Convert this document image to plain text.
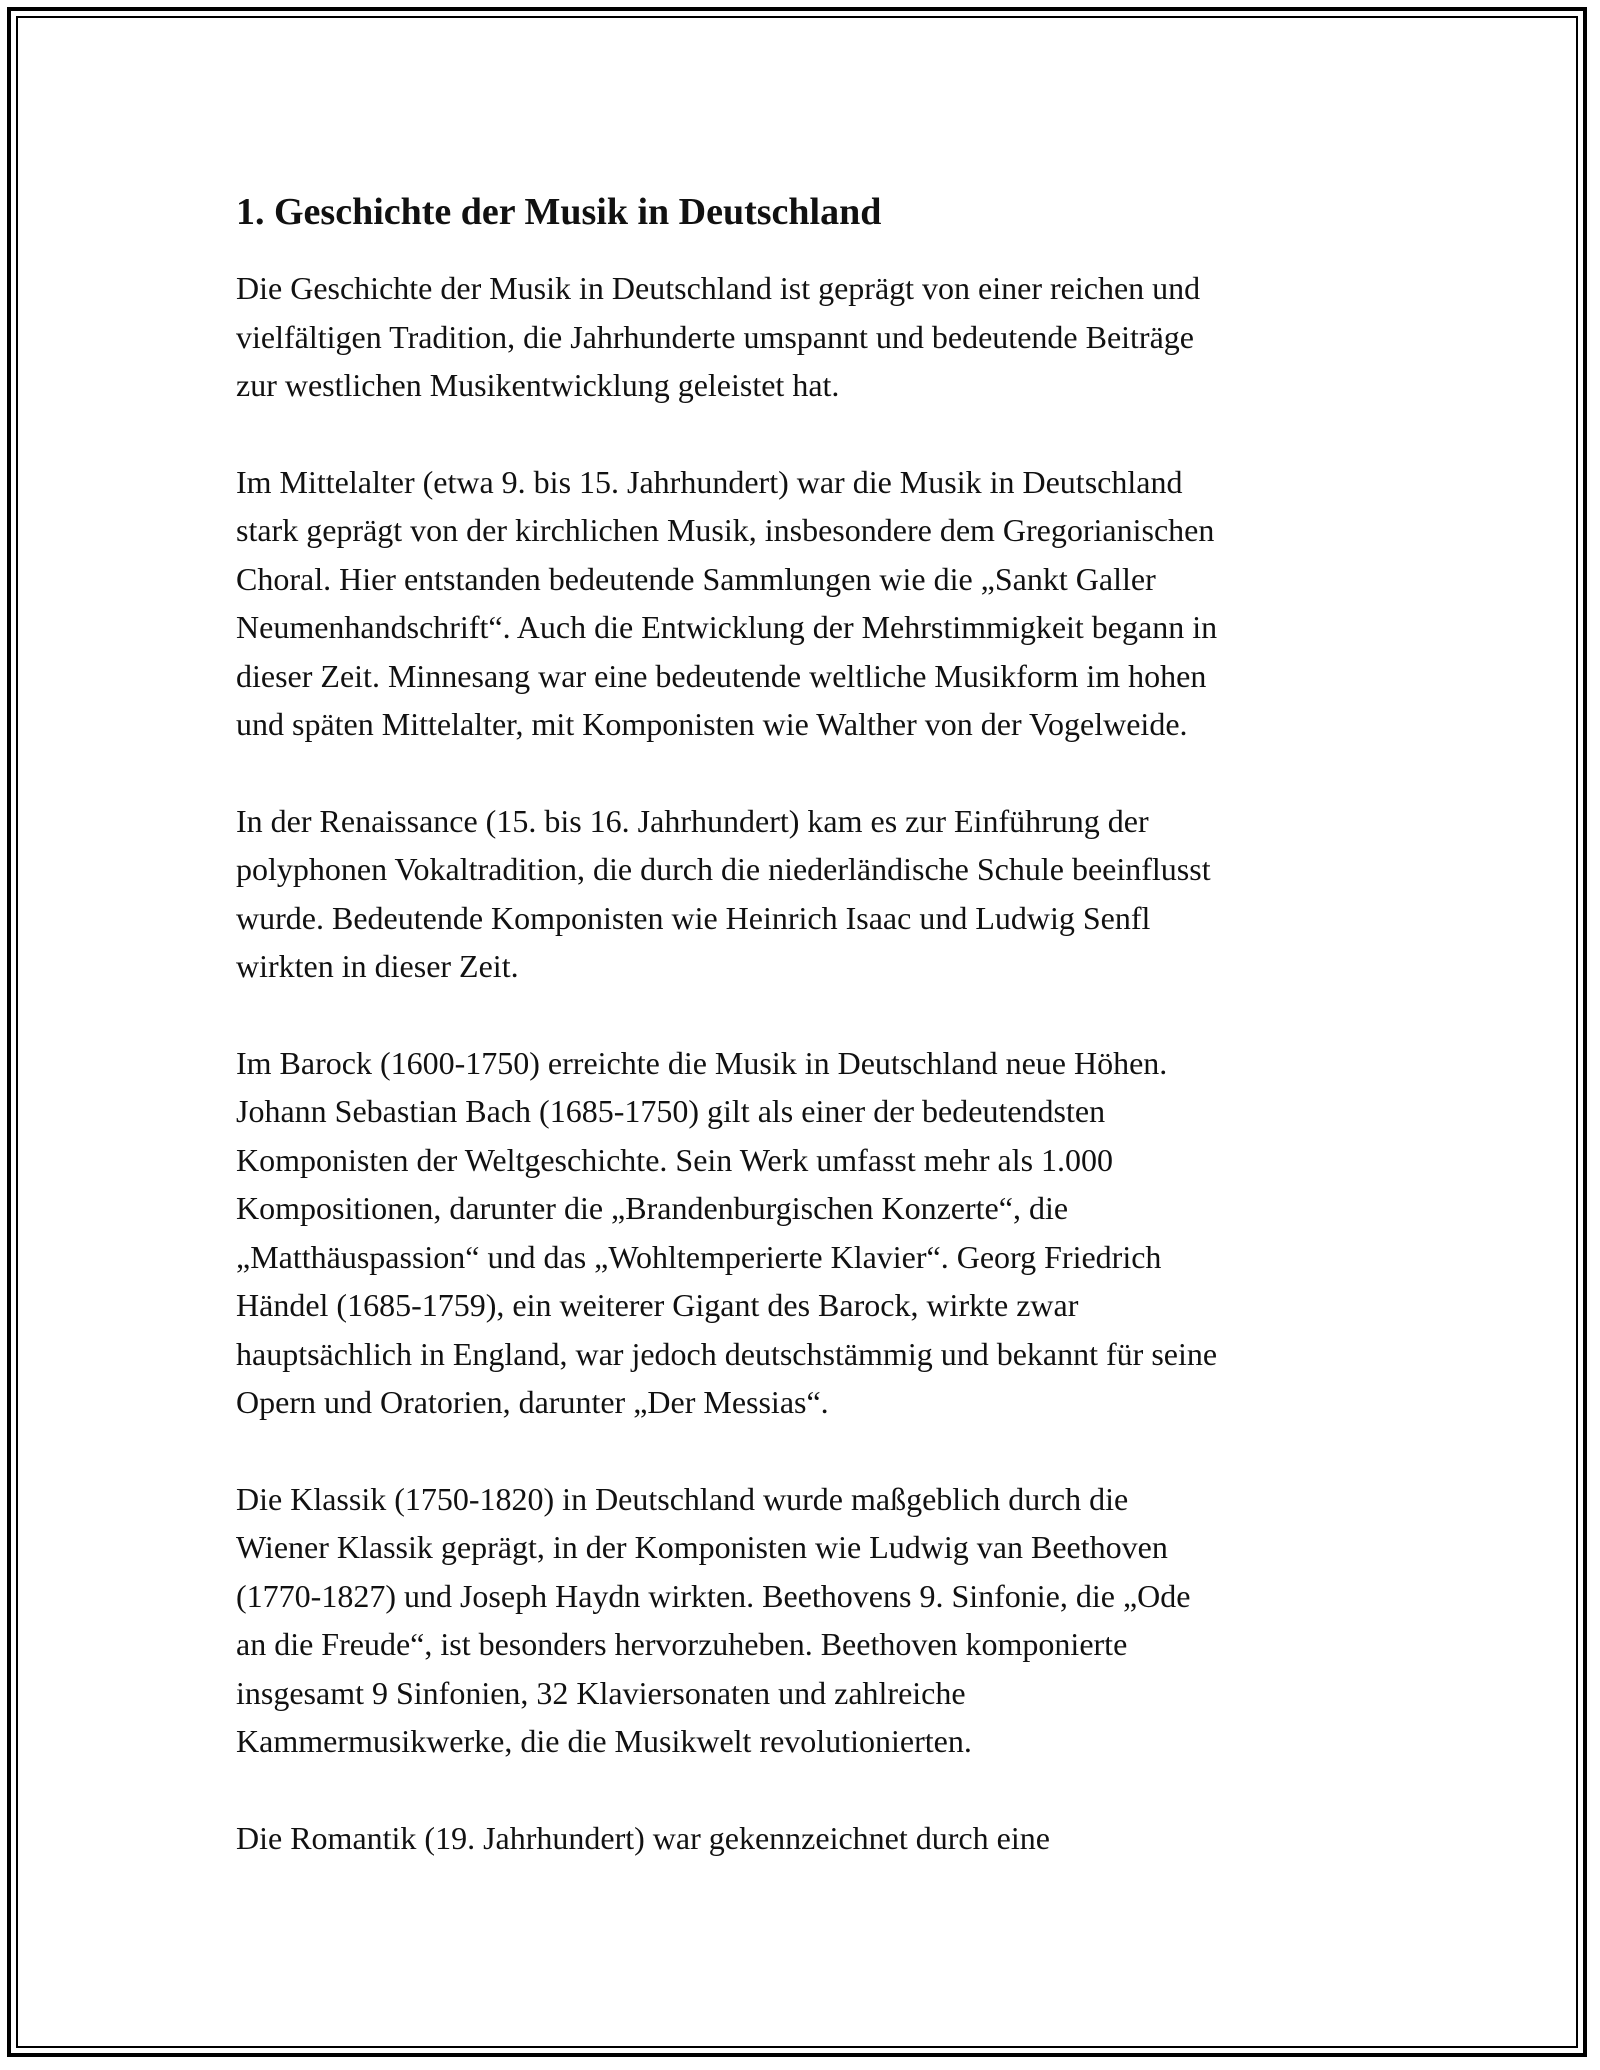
1. Geschichte der Musik in Deutschland

Die Geschichte der Musik in Deutschland ist geprägt von einer reichen und
vielfältigen Tradition, die Jahrhunderte umspannt und bedeutende Beiträge
zur westlichen Musikentwicklung geleistet hat.

Im Mittelalter (etwa 9. bis 15. Jahrhundert) war die Musik in Deutschland
stark geprägt von der kirchlichen Musik, insbesondere dem Gregorianischen
Choral. Hier entstanden bedeutende Sammlungen wie die „Sankt Galler
Neumenhandschrift“. Auch die Entwicklung der Mehrstimmigkeit begann in
dieser Zeit. Minnesang war eine bedeutende weltliche Musikform im hohen
und späten Mittelalter, mit Komponisten wie Walther von der Vogelweide.

In der Renaissance (15. bis 16. Jahrhundert) kam es zur Einführung der
polyphonen Vokaltradition, die durch die niederländische Schule beeinflusst
wurde. Bedeutende Komponisten wie Heinrich Isaac und Ludwig Senfl
wirkten in dieser Zeit.

Im Barock (1600-1750) erreichte die Musik in Deutschland neue Höhen.
Johann Sebastian Bach (1685-1750) gilt als einer der bedeutendsten
Komponisten der Weltgeschichte. Sein Werk umfasst mehr als 1.000
Kompositionen, darunter die „Brandenburgischen Konzerte“, die
„Matthäuspassion“ und das „Wohltemperierte Klavier“. Georg Friedrich
Händel (1685-1759), ein weiterer Gigant des Barock, wirkte zwar
hauptsächlich in England, war jedoch deutschstämmig und bekannt für seine
Opern und Oratorien, darunter „Der Messias“.

Die Klassik (1750-1820) in Deutschland wurde maßgeblich durch die
Wiener Klassik geprägt, in der Komponisten wie Ludwig van Beethoven
(1770-1827) und Joseph Haydn wirkten. Beethovens 9. Sinfonie, die „Ode
an die Freude“, ist besonders hervorzuheben. Beethoven komponierte
insgesamt 9 Sinfonien, 32 Klaviersonaten und zahlreiche
Kammermusikwerke, die die Musikwelt revolutionierten.

Die Romantik (19. Jahrhundert) war gekennzeichnet durch eine
